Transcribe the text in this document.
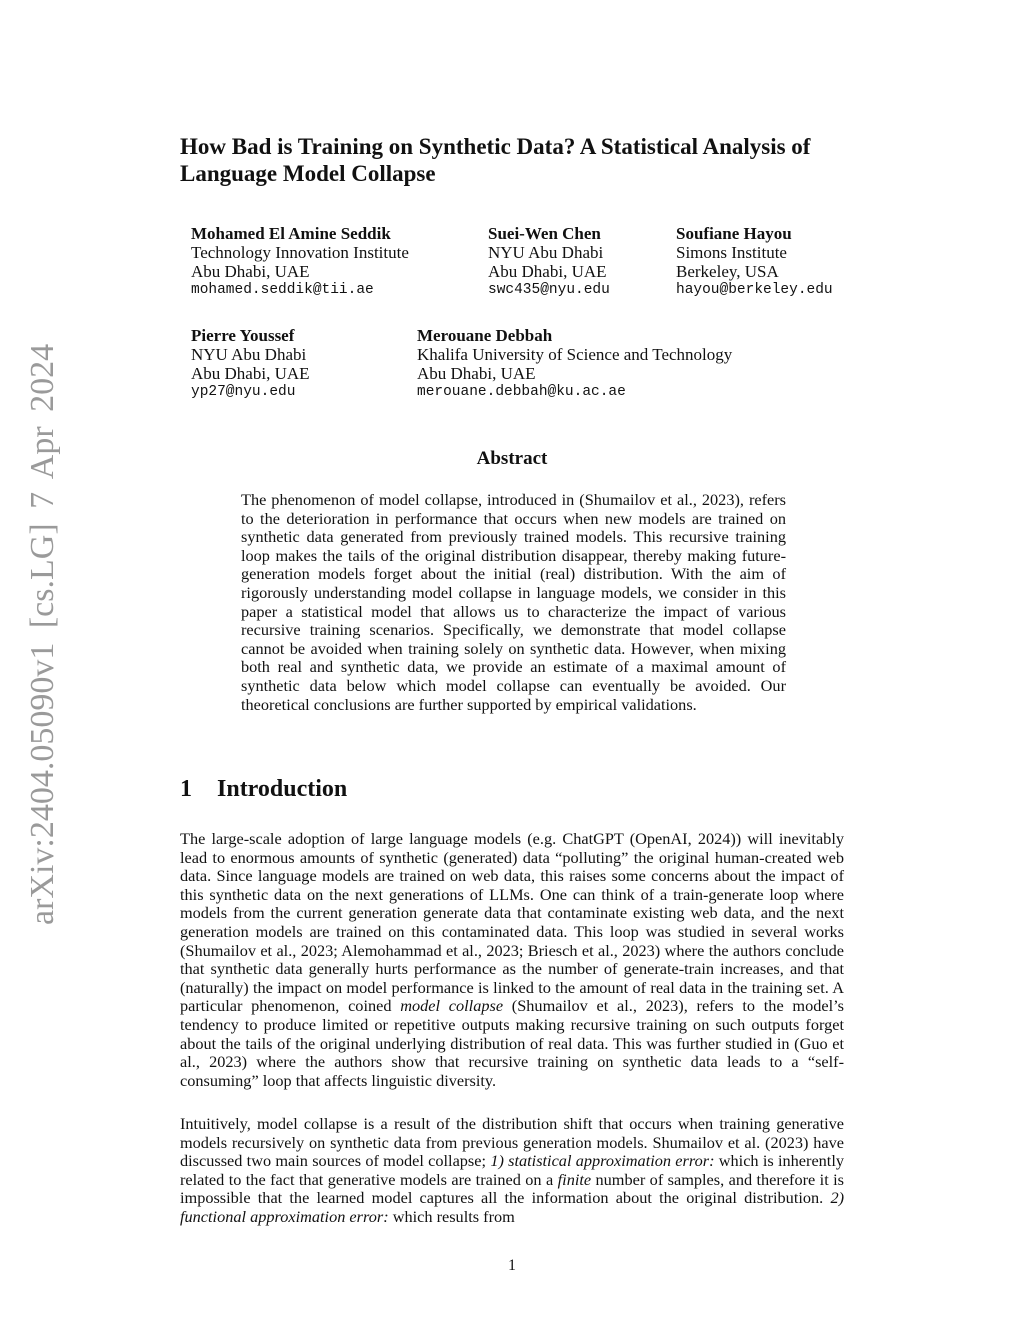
arXiv:2404.05090v1 [cs.LG] 7 Apr 2024
How Bad is Training on Synthetic Data? A Statistical Analysis of Language Model Collapse
Mohamed El Amine Seddik
Technology Innovation Institute
Abu Dhabi, UAE
mohamed.seddik@tii.ae
Suei-Wen Chen
NYU Abu Dhabi
Abu Dhabi, UAE
swc435@nyu.edu
Soufiane Hayou
Simons Institute
Berkeley, USA
hayou@berkeley.edu
Pierre Youssef
NYU Abu Dhabi
Abu Dhabi, UAE
yp27@nyu.edu
Merouane Debbah
Khalifa University of Science and Technology
Abu Dhabi, UAE
merouane.debbah@ku.ac.ae
Abstract

The phenomenon of model collapse, introduced in (Shumailov et al., 2023), refers to the deterioration in performance that occurs when new models are trained on synthetic data generated from previously trained models. This recursive training loop makes the tails of the original distribution disappear, thereby making future-generation models forget about the initial (real) distribution. With the aim of rigorously understanding model collapse in language models, we consider in this paper a statistical model that allows us to characterize the impact of various recursive training scenarios. Specifically, we demonstrate that model collapse cannot be avoided when training solely on synthetic data. However, when mixing both real and synthetic data, we provide an estimate of a maximal amount of synthetic data below which model collapse can eventually be avoided. Our theoretical conclusions are further supported by empirical validations.

1 Introduction

The large-scale adoption of large language models (e.g. ChatGPT (OpenAI, 2024)) will inevitably lead to enormous amounts of synthetic (generated) data “polluting” the original human-created web data. Since language models are trained on web data, this raises some concerns about the impact of this synthetic data on the next generations of LLMs. One can think of a train-generate loop where models from the current generation generate data that contaminate existing web data, and the next generation models are trained on this contaminated data. This loop was studied in several works (Shumailov et al., 2023; Alemohammad et al., 2023; Briesch et al., 2023) where the authors conclude that synthetic data generally hurts performance as the number of generate-train increases, and that (naturally) the impact on model performance is linked to the amount of real data in the training set. A particular phenomenon, coined model collapse (Shumailov et al., 2023), refers to the model’s tendency to produce limited or repetitive outputs making recursive training on such outputs forget about the tails of the original underlying distribution of real data. This was further studied in (Guo et al., 2023) where the authors show that recursive training on synthetic data leads to a “self-consuming” loop that affects linguistic diversity.

Intuitively, model collapse is a result of the distribution shift that occurs when training generative models recursively on synthetic data from previous generation models. Shumailov et al. (2023) have discussed two main sources of model collapse; 1) statistical approximation error: which is inherently related to the fact that generative models are trained on a finite number of samples, and therefore it is impossible that the learned model captures all the information about the original distribution. 2) functional approximation error: which results from

1
